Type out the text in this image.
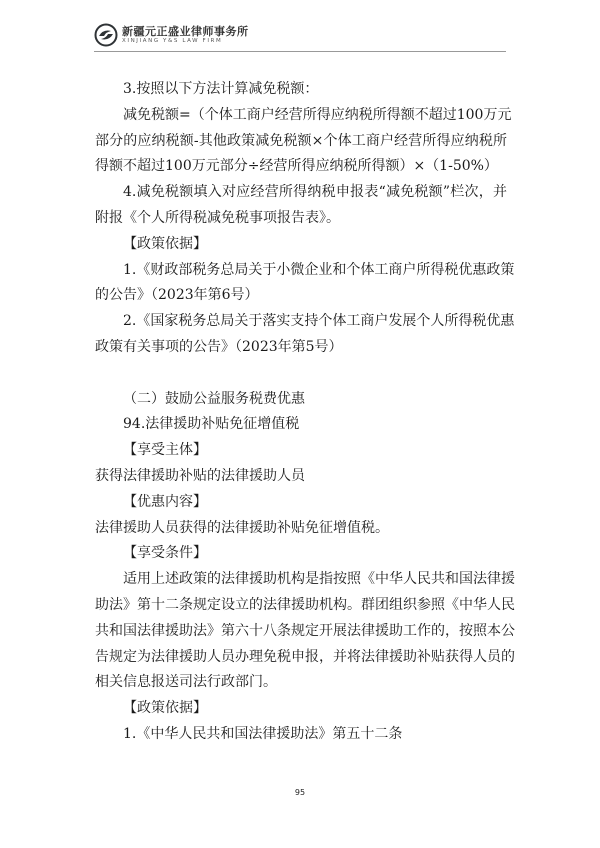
新疆元正盛业律师事务所
XINJIANG Y&S LAW FIRM
3.按照以下方法计算减免税额：
减免税额=（个体工商户经营所得应纳税所得额不超过100万元
部分的应纳税额-其他政策减免税额×个体工商户经营所得应纳税所
得额不超过100万元部分÷经营所得应纳税所得额）×（1-50%）
4.减免税额填入对应经营所得纳税申报表“减免税额”栏次，并
附报《个人所得税减免税事项报告表》。
【政策依据】
1.《财政部税务总局关于小微企业和个体工商户所得税优惠政策
的公告》（2023年第6号）
2.《国家税务总局关于落实支持个体工商户发展个人所得税优惠
政策有关事项的公告》（2023年第5号）
（二）鼓励公益服务税费优惠
94.法律援助补贴免征增值税
【享受主体】
获得法律援助补贴的法律援助人员
【优惠内容】
法律援助人员获得的法律援助补贴免征增值税。
【享受条件】
适用上述政策的法律援助机构是指按照《中华人民共和国法律援
助法》第十二条规定设立的法律援助机构。群团组织参照《中华人民
共和国法律援助法》第六十八条规定开展法律援助工作的，按照本公
告规定为法律援助人员办理免税申报，并将法律援助补贴获得人员的
相关信息报送司法行政部门。
【政策依据】
1.《中华人民共和国法律援助法》第五十二条
95
